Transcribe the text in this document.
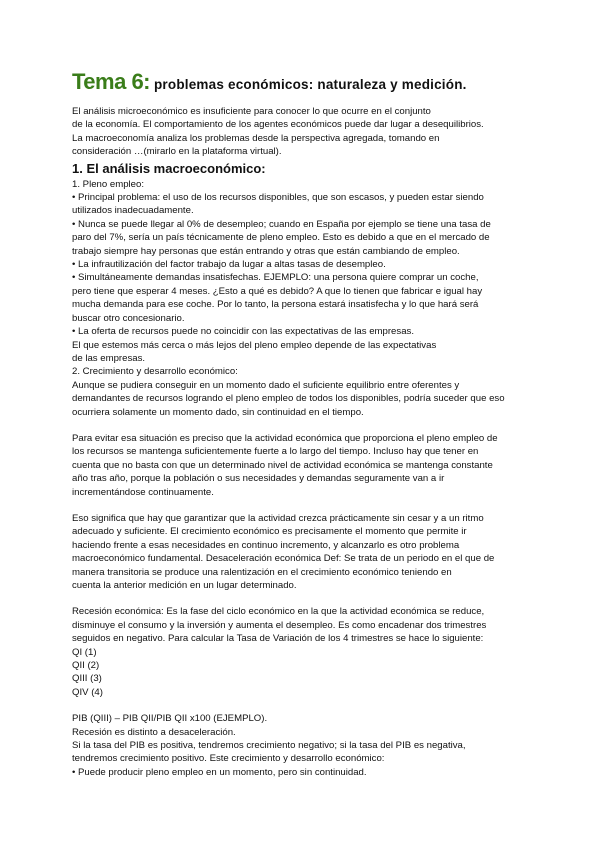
Tema 6: problemas económicos: naturaleza y medición.

El análisis microeconómico es insuficiente para conocer lo que ocurre en el conjunto

de la economía. El comportamiento de los agentes económicos puede dar lugar a desequilibrios.

La macroeconomía analiza los problemas desde la perspectiva agregada, tomando en

consideración …(mirarlo en la plataforma virtual).

1. El análisis macroeconómico:

1. Pleno empleo:

• Principal problema: el uso de los recursos disponibles, que son escasos, y pueden estar siendo

utilizados inadecuadamente.

• Nunca se puede llegar al 0% de desempleo; cuando en España por ejemplo se tiene una tasa de

paro del 7%, sería un país técnicamente de pleno empleo. Esto es debido a que en el mercado de

trabajo siempre hay personas que están entrando y otras que están cambiando de empleo.

• La infrautilización del factor trabajo da lugar a altas tasas de desempleo.

• Simultáneamente demandas insatisfechas. EJEMPLO: una persona quiere comprar un coche,

pero tiene que esperar 4 meses. ¿Esto a qué es debido? A que lo tienen que fabricar e igual hay

mucha demanda para ese coche. Por lo tanto, la persona estará insatisfecha y lo que hará será

buscar otro concesionario.

• La oferta de recursos puede no coincidir con las expectativas de las empresas.

El que estemos más cerca o más lejos del pleno empleo depende de las expectativas

de las empresas.

2. Crecimiento y desarrollo económico:

Aunque se pudiera conseguir en un momento dado el suficiente equilibrio entre oferentes y

demandantes de recursos logrando el pleno empleo de todos los disponibles, podría suceder que eso

ocurriera solamente un momento dado, sin continuidad en el tiempo.

Para evitar esa situación es preciso que la actividad económica que proporciona el pleno empleo de

los recursos se mantenga suficientemente fuerte a lo largo del tiempo. Incluso hay que tener en

cuenta que no basta con que un determinado nivel de actividad económica se mantenga constante

año tras año, porque la población o sus necesidades y demandas seguramente van a ir

incrementándose continuamente.

Eso significa que hay que garantizar que la actividad crezca prácticamente sin cesar y a un ritmo

adecuado y suficiente. El crecimiento económico es precisamente el momento que permite ir

haciendo frente a esas necesidades en continuo incremento, y alcanzarlo es otro problema

macroeconómico fundamental. Desaceleración económica Def: Se trata de un periodo en el que de

manera transitoria se produce una ralentización en el crecimiento económico teniendo en

cuenta la anterior medición en un lugar determinado.

Recesión económica: Es la fase del ciclo económico en la que la actividad económica se reduce,

disminuye el consumo y la inversión y aumenta el desempleo. Es como encadenar dos trimestres

seguidos en negativo. Para calcular la Tasa de Variación de los 4 trimestres se hace lo siguiente:

QI (1)

QII (2)

QIII (3)

QIV (4)

PIB (QIII) – PIB QII/PIB QII x100 (EJEMPLO).

Recesión es distinto a desaceleración.

Si la tasa del PIB es positiva, tendremos crecimiento negativo; si la tasa del PIB es negativa,

tendremos crecimiento positivo. Este crecimiento y desarrollo económico:

• Puede producir pleno empleo en un momento, pero sin continuidad.
